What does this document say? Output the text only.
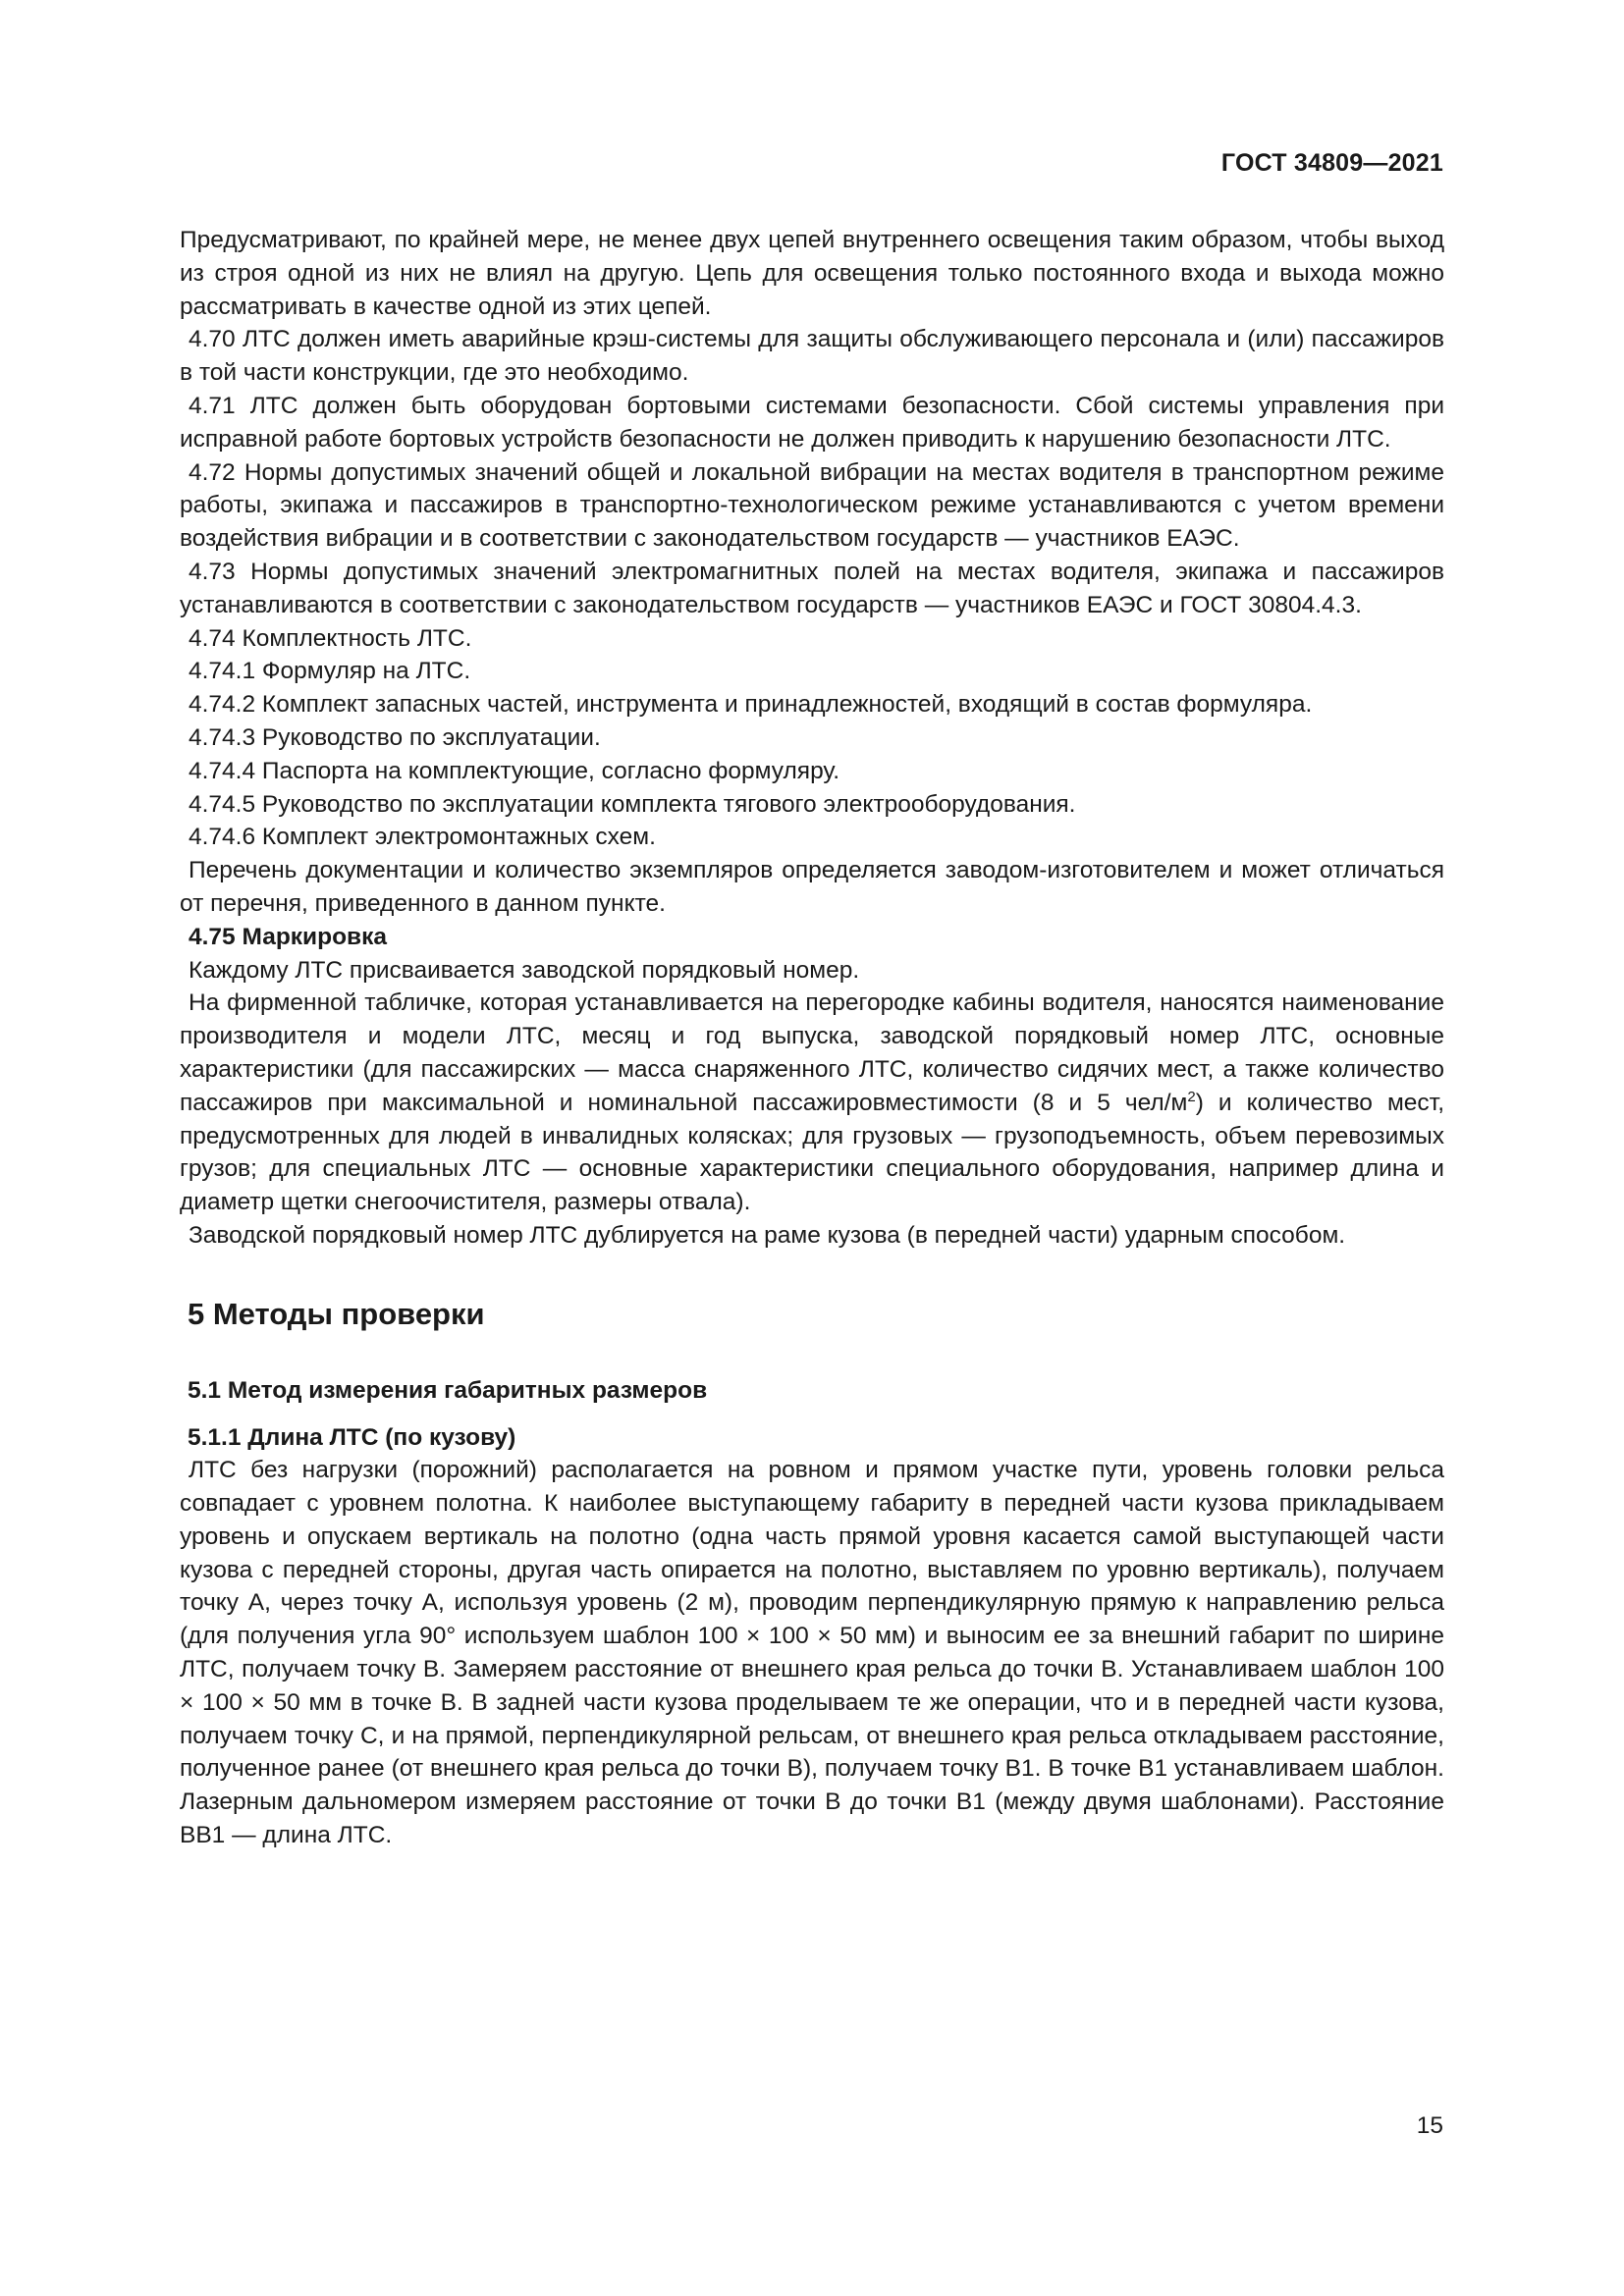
ГОСТ 34809—2021

Предусматривают, по крайней мере, не менее двух цепей внутреннего освещения таким образом, чтобы выход из строя одной из них не влиял на другую. Цепь для освещения только постоянного входа и выхода можно рассматривать в качестве одной из этих цепей.

4.70 ЛТС должен иметь аварийные крэш-системы для защиты обслуживающего персонала и (или) пассажиров в той части конструкции, где это необходимо.

4.71 ЛТС должен быть оборудован бортовыми системами безопасности. Сбой системы управления при исправной работе бортовых устройств безопасности не должен приводить к нарушению безопасности ЛТС.

4.72 Нормы допустимых значений общей и локальной вибрации на местах водителя в транспортном режиме работы, экипажа и пассажиров в транспортно-технологическом режиме устанавливаются с учетом времени воздействия вибрации и в соответствии с законодательством государств — участников ЕАЭС.

4.73 Нормы допустимых значений электромагнитных полей на местах водителя, экипажа и пассажиров устанавливаются в соответствии с законодательством государств — участников ЕАЭС и ГОСТ 30804.4.3.

4.74 Комплектность ЛТС.

4.74.1 Формуляр на ЛТС.

4.74.2 Комплект запасных частей, инструмента и принадлежностей, входящий в состав формуляра.

4.74.3 Руководство по эксплуатации.

4.74.4 Паспорта на комплектующие, согласно формуляру.

4.74.5 Руководство по эксплуатации комплекта тягового электрооборудования.

4.74.6 Комплект электромонтажных схем.

Перечень документации и количество экземпляров определяется заводом-изготовителем и может отличаться от перечня, приведенного в данном пункте.

4.75 Маркировка

Каждому ЛТС присваивается заводской порядковый номер.

На фирменной табличке, которая устанавливается на перегородке кабины водителя, наносятся наименование производителя и модели ЛТС, месяц и год выпуска, заводской порядковый номер ЛТС, основные характеристики (для пассажирских — масса снаряженного ЛТС, количество сидячих мест, а также количество пассажиров при максимальной и номинальной пассажировместимости (8 и 5 чел/$м^2$) и количество мест, предусмотренных для людей в инвалидных колясках; для грузовых — грузоподъемность, объем перевозимых грузов; для специальных ЛТС — основные характеристики специального оборудования, например длина и диаметр щетки снегоочистителя, размеры отвала).

Заводской порядковый номер ЛТС дублируется на раме кузова (в передней части) ударным способом.

5 Методы проверки
5.1 Метод измерения габаритных размеров
5.1.1 Длина ЛТС (по кузову)

ЛТС без нагрузки (порожний) располагается на ровном и прямом участке пути, уровень головки рельса совпадает с уровнем полотна. К наиболее выступающему габариту в передней части кузова прикладываем уровень и опускаем вертикаль на полотно (одна часть прямой уровня касается самой выступающей части кузова с передней стороны, другая часть опирается на полотно, выставляем по уровню вертикаль), получаем точку А, через точку А, используя уровень (2 м), проводим перпендикулярную прямую к направлению рельса (для получения угла 90° используем шаблон 100 × 100 × 50 мм) и выносим ее за внешний габарит по ширине ЛТС, получаем точку В. Замеряем расстояние от внешнего края рельса до точки В. Устанавливаем шаблон 100 × 100 × 50 мм в точке В. В задней части кузова проделываем те же операции, что и в передней части кузова, получаем точку С, и на прямой, перпендикулярной рельсам, от внешнего края рельса откладываем расстояние, полученное ранее (от внешнего края рельса до точки В), получаем точку В1. В точке В1 устанавливаем шаблон. Лазерным дальномером измеряем расстояние от точки В до точки В1 (между двумя шаблонами). Расстояние ВВ1 — длина ЛТС.

15
